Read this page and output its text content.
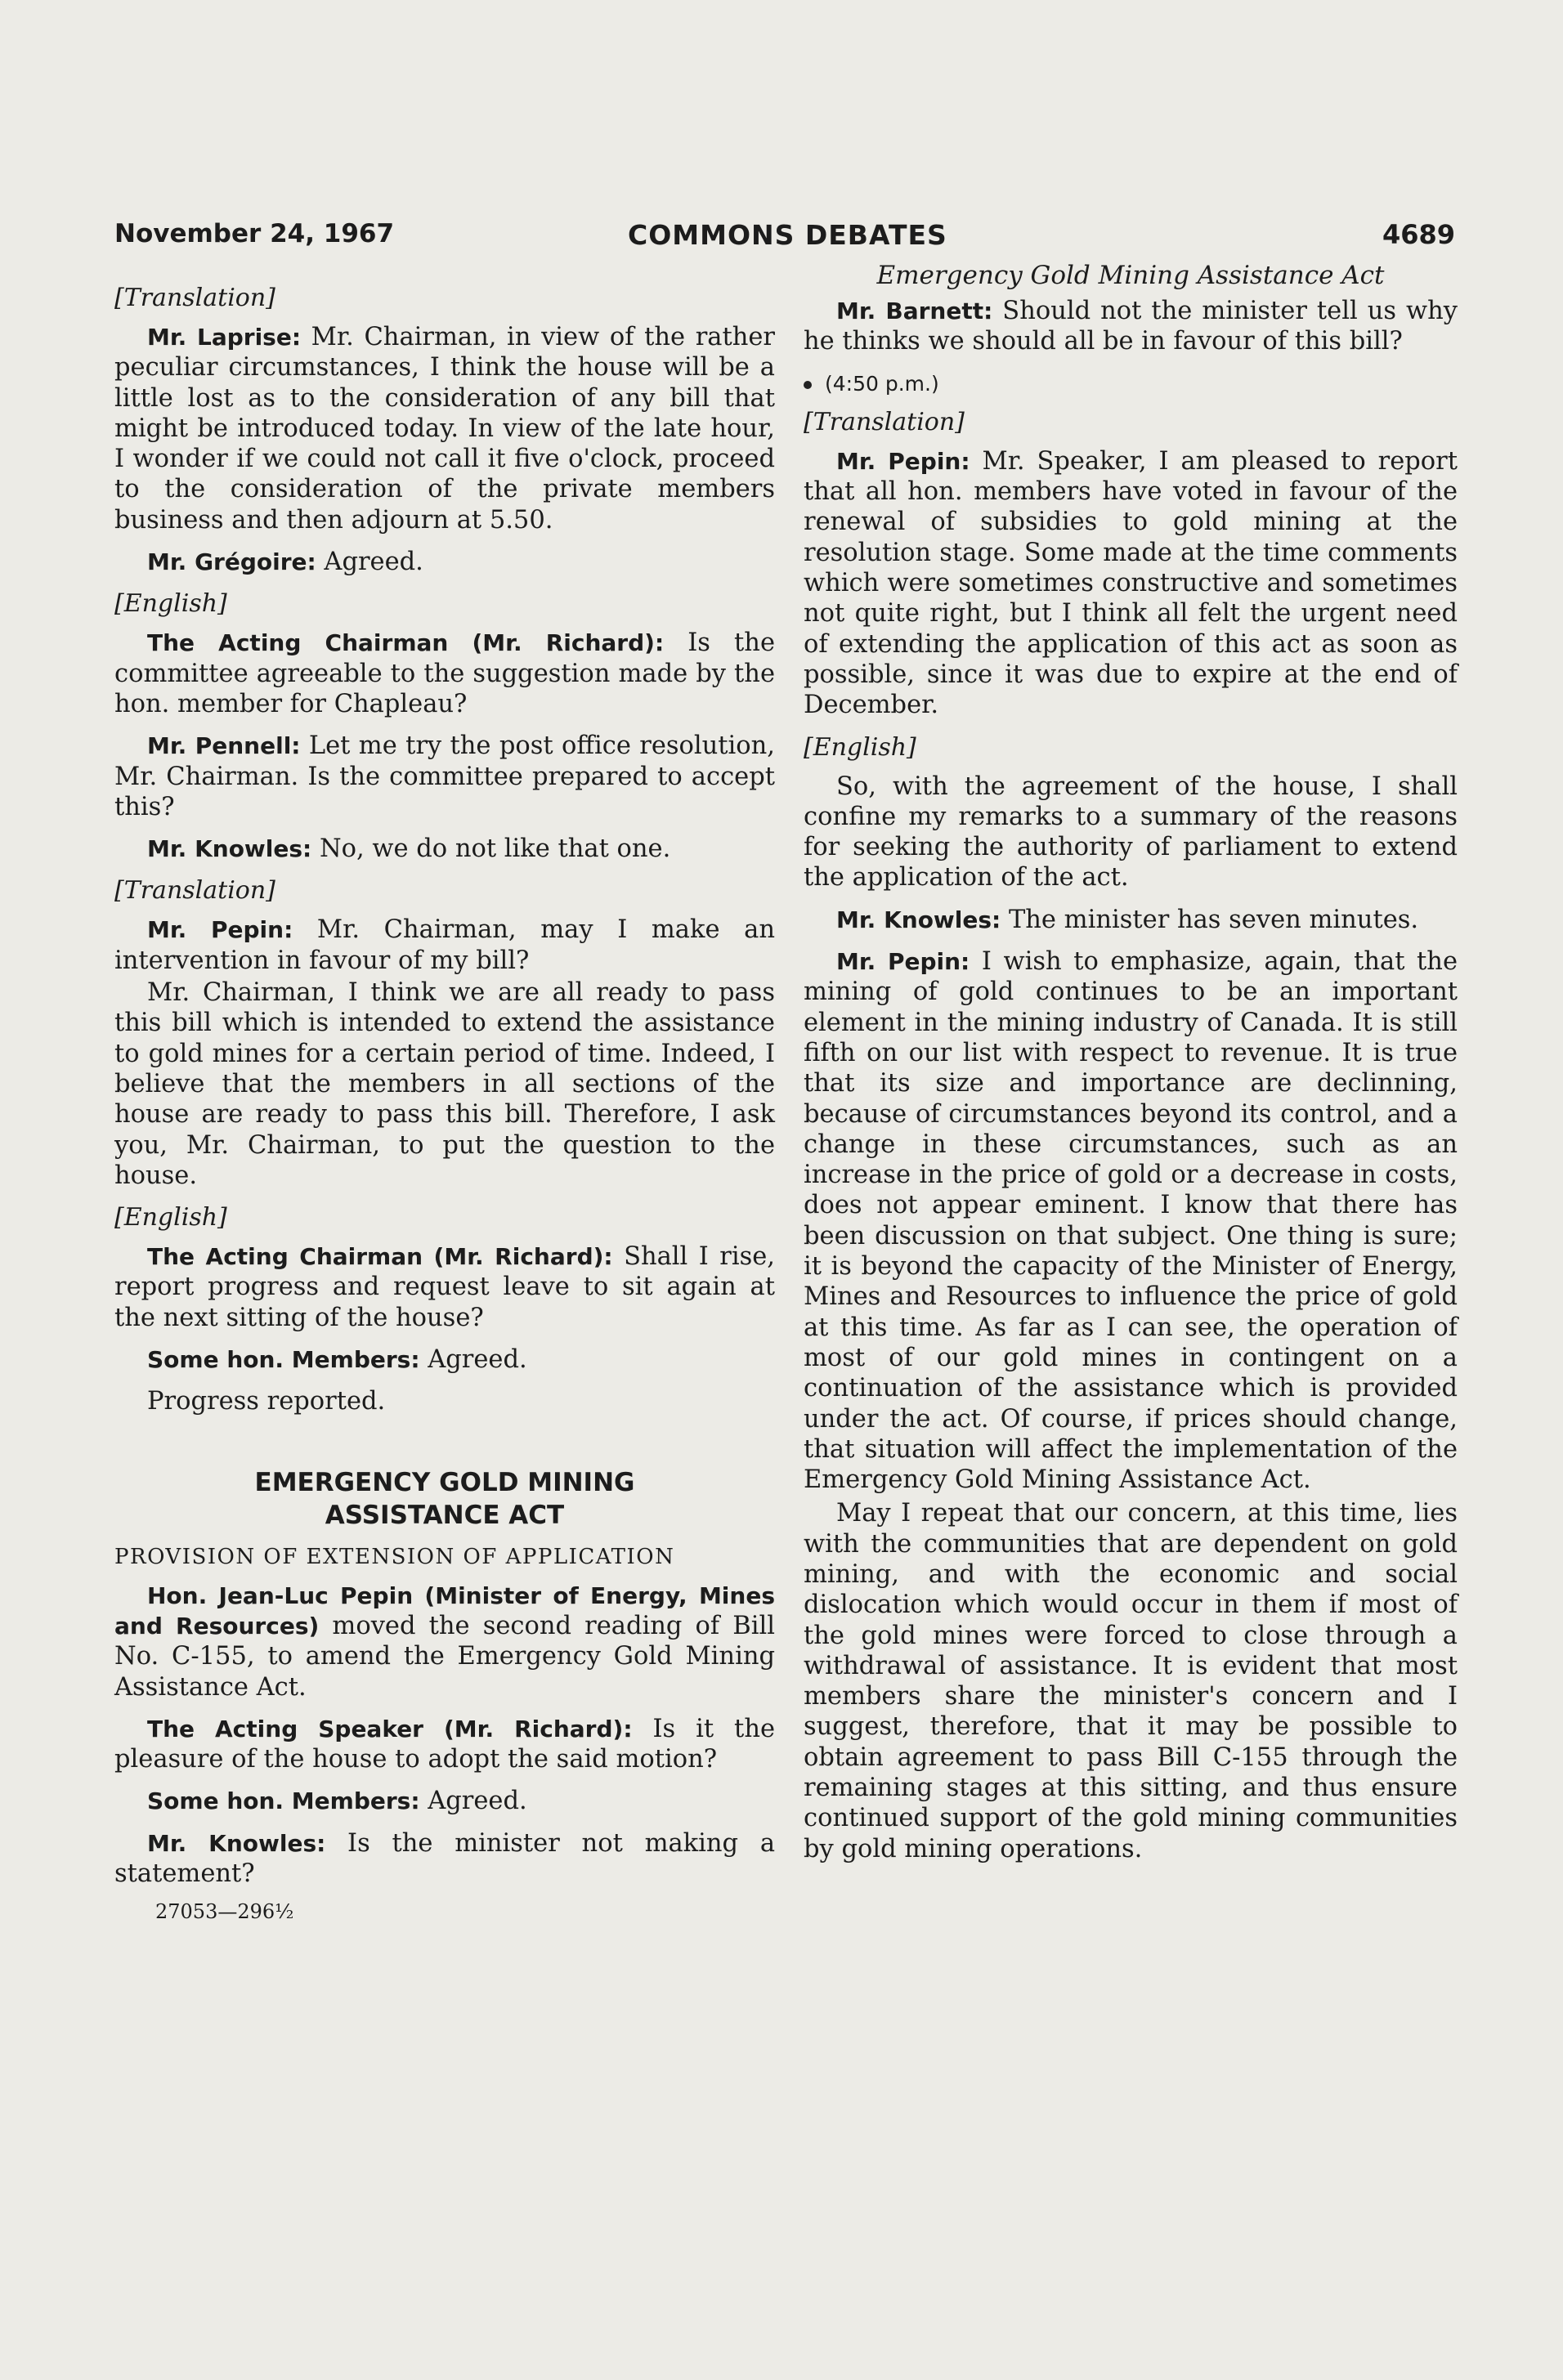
November 24, 1967	COMMONS DEBATES	4689

[Translation]

Mr. Laprise: Mr. Chairman, in view of the rather peculiar circumstances, I think the house will be a little lost as to the consideration of any bill that might be introduced today. In view of the late hour, I wonder if we could not call it five o'clock, proceed to the consideration of the private members business and then adjourn at 5.50.

Mr. Grégoire: Agreed.

[English]

The Acting Chairman (Mr. Richard): Is the committee agreeable to the suggestion made by the hon. member for Chapleau?

Mr. Pennell: Let me try the post office resolution, Mr. Chairman. Is the committee prepared to accept this?

Mr. Knowles: No, we do not like that one.

[Translation]

Mr. Pepin: Mr. Chairman, may I make an intervention in favour of my bill?

Mr. Chairman, I think we are all ready to pass this bill which is intended to extend the assistance to gold mines for a certain period of time. Indeed, I believe that the members in all sections of the house are ready to pass this bill. Therefore, I ask you, Mr. Chairman, to put the question to the house.

[English]

The Acting Chairman (Mr. Richard): Shall I rise, report progress and request leave to sit again at the next sitting of the house?

Some hon. Members: Agreed.

Progress reported.

EMERGENCY GOLD MINING
ASSISTANCE ACT
PROVISION OF EXTENSION OF APPLICATION

Hon. Jean-Luc Pepin (Minister of Energy, Mines and Resources) moved the second reading of Bill No. C-155, to amend the Emergency Gold Mining Assistance Act.

The Acting Speaker (Mr. Richard): Is it the pleasure of the house to adopt the said motion?

Some hon. Members: Agreed.

Mr. Knowles: Is the minister not making a statement?

27053—296½

Emergency Gold Mining Assistance Act

Mr. Barnett: Should not the minister tell us why he thinks we should all be in favour of this bill?

(4:50 p.m.)

[Translation]

Mr. Pepin: Mr. Speaker, I am pleased to report that all hon. members have voted in favour of the renewal of subsidies to gold mining at the resolution stage. Some made at the time comments which were sometimes constructive and sometimes not quite right, but I think all felt the urgent need of extending the application of this act as soon as possible, since it was due to expire at the end of December.

[English]

So, with the agreement of the house, I shall confine my remarks to a summary of the reasons for seeking the authority of parliament to extend the application of the act.

Mr. Knowles: The minister has seven minutes.

Mr. Pepin: I wish to emphasize, again, that the mining of gold continues to be an important element in the mining industry of Canada. It is still fifth on our list with respect to revenue. It is true that its size and importance are declinning, because of circumstances beyond its control, and a change in these circumstances, such as an increase in the price of gold or a decrease in costs, does not appear eminent. I know that there has been discussion on that subject. One thing is sure; it is beyond the capacity of the Minister of Energy, Mines and Resources to influence the price of gold at this time. As far as I can see, the operation of most of our gold mines in contingent on a continuation of the assistance which is provided under the act. Of course, if prices should change, that situation will affect the implementation of the Emergency Gold Mining Assistance Act.

May I repeat that our concern, at this time, lies with the communities that are dependent on gold mining, and with the economic and social dislocation which would occur in them if most of the gold mines were forced to close through a withdrawal of assistance. It is evident that most members share the minister's concern and I suggest, therefore, that it may be possible to obtain agreement to pass Bill C-155 through the remaining stages at this sitting, and thus ensure continued support of the gold mining communities by gold mining operations.
